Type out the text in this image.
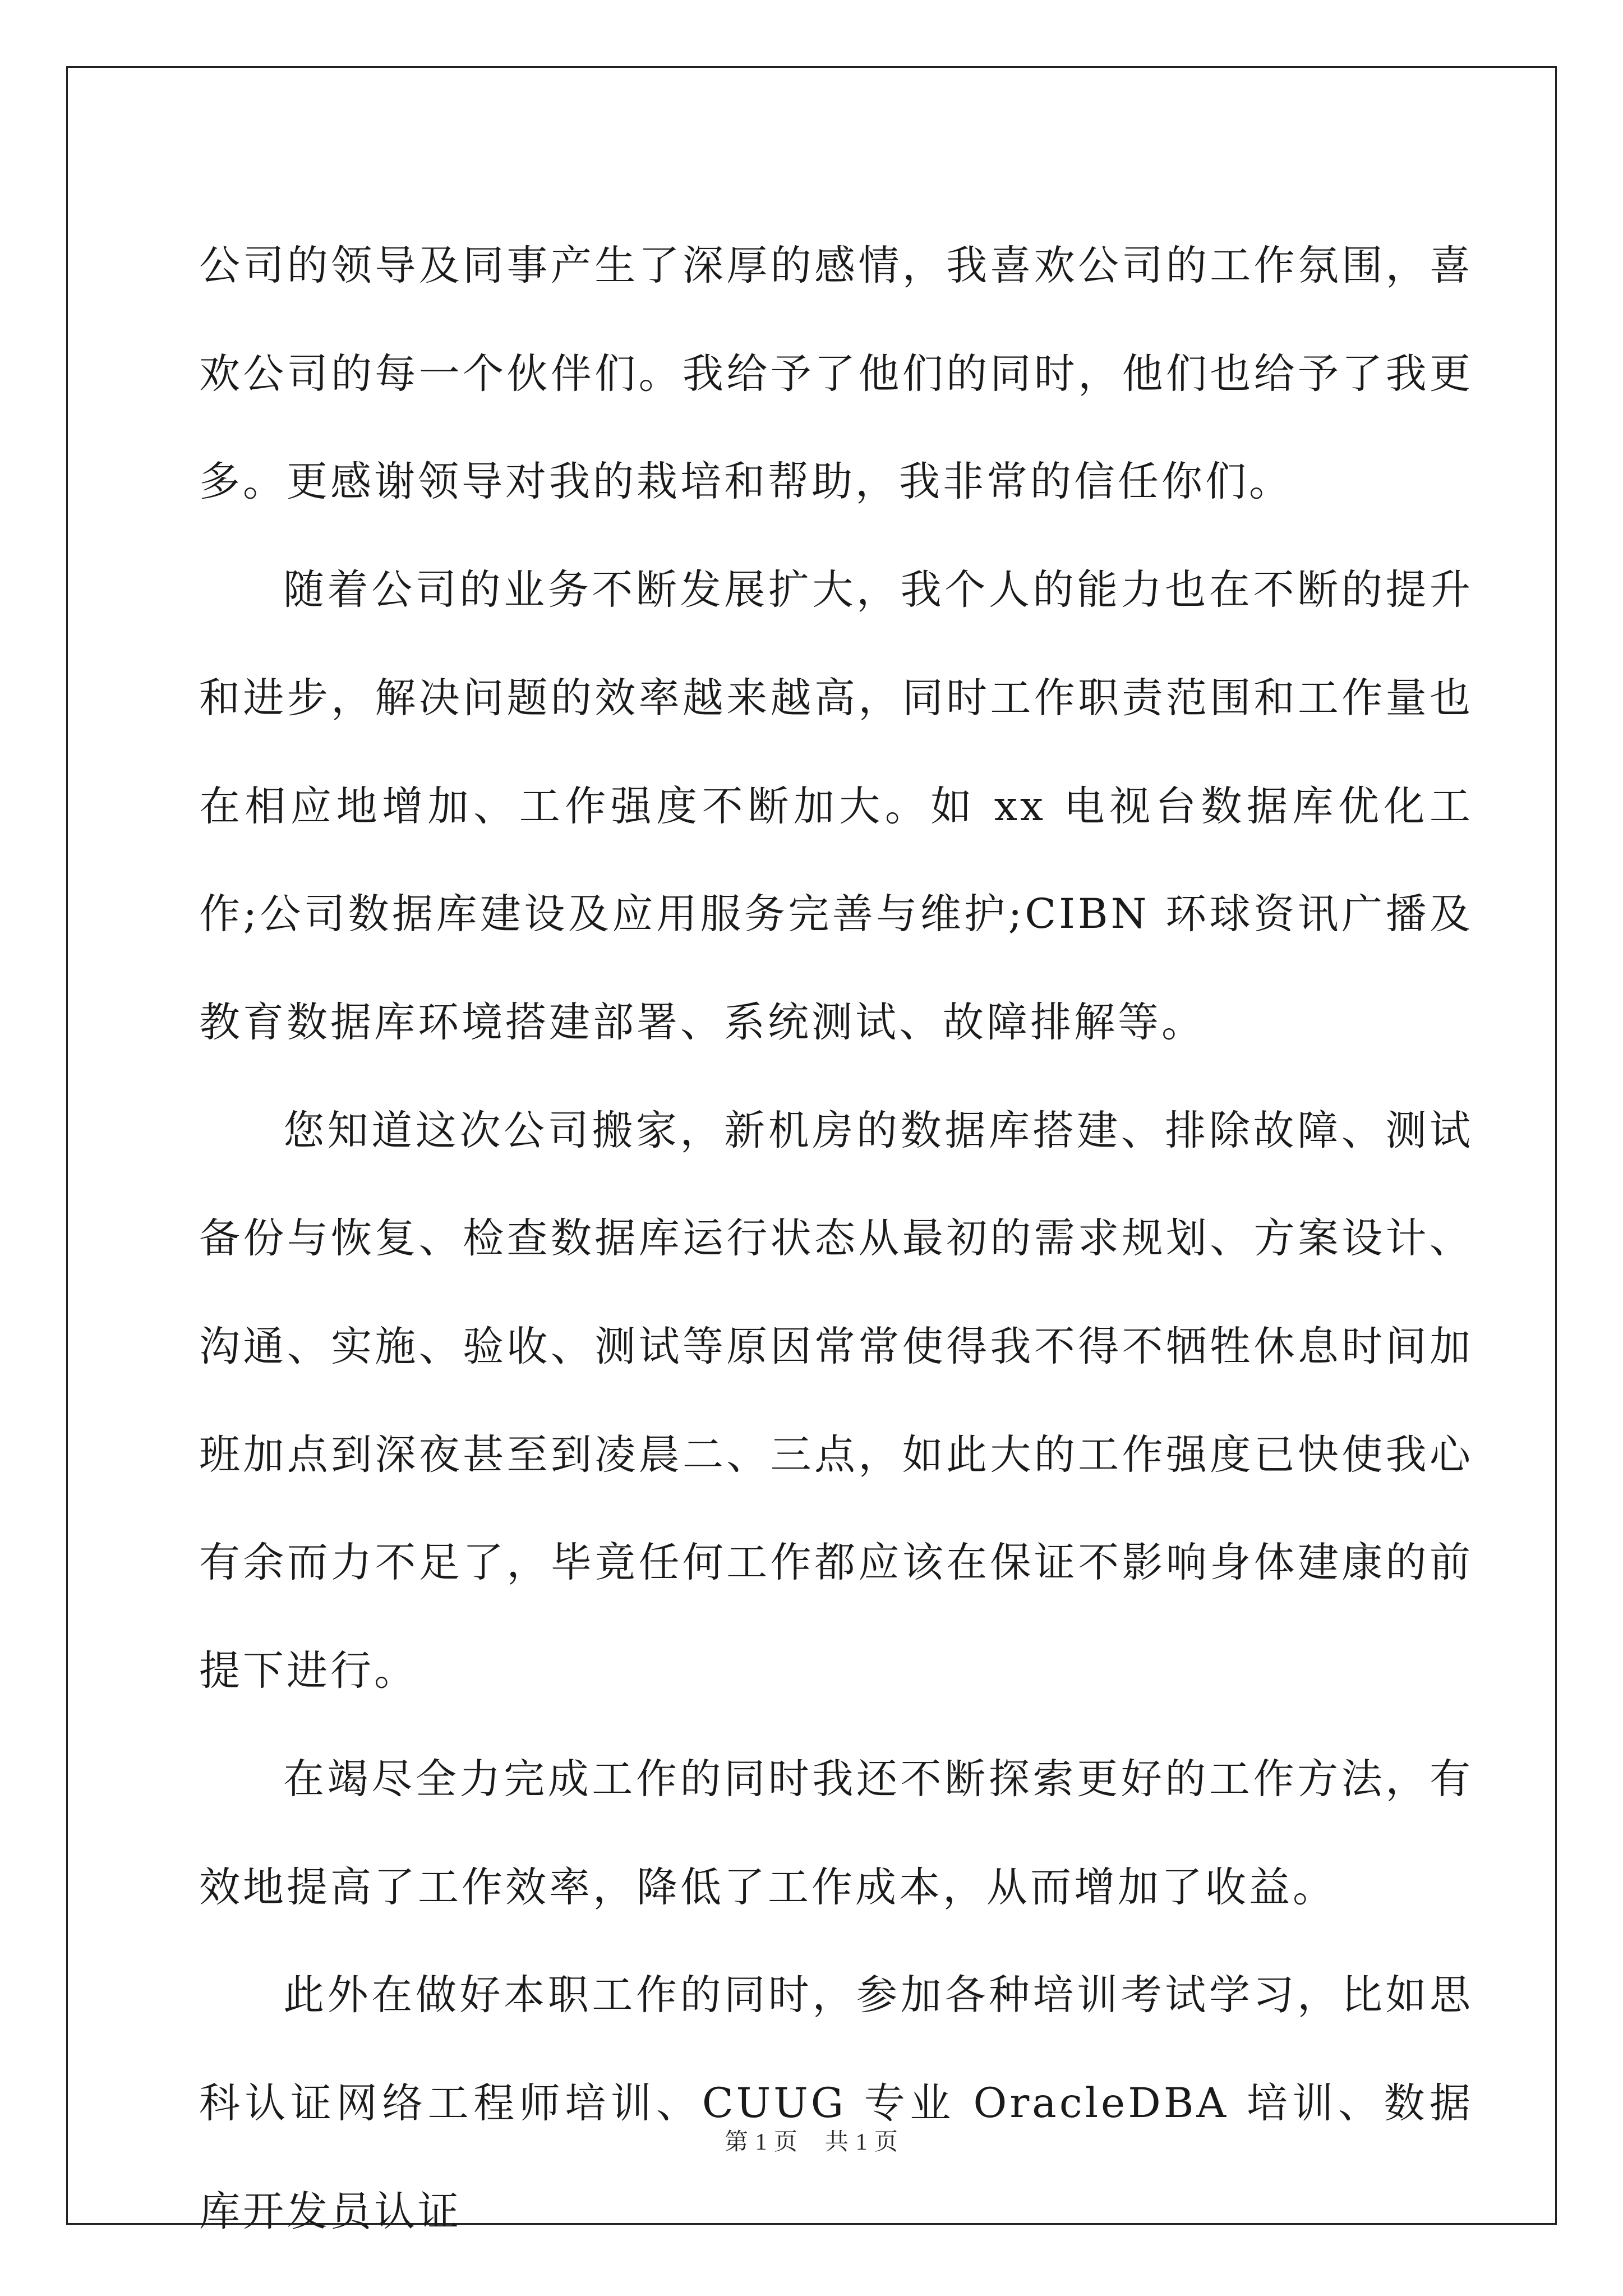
公司的领导及同事产生了深厚的感情，我喜欢公司的工作氛围，喜欢公司的每一个伙伴们。我给予了他们的同时，他们也给予了我更多。更感谢领导对我的栽培和帮助，我非常的信任你们。

随着公司的业务不断发展扩大，我个人的能力也在不断的提升和进步，解决问题的效率越来越高，同时工作职责范围和工作量也在相应地增加、工作强度不断加大。如 xx 电视台数据库优化工作;公司数据库建设及应用服务完善与维护;CIBN 环球资讯广播及教育数据库环境搭建部署、系统测试、故障排解等。

您知道这次公司搬家，新机房的数据库搭建、排除故障、测试备份与恢复、检查数据库运行状态从最初的需求规划、方案设计、沟通、实施、验收、测试等原因常常使得我不得不牺牲休息时间加班加点到深夜甚至到凌晨二、三点，如此大的工作强度已快使我心有余而力不足了，毕竟任何工作都应该在保证不影响身体建康的前提下进行。

在竭尽全力完成工作的同时我还不断探索更好的工作方法，有效地提高了工作效率，降低了工作成本，从而增加了收益。

此外在做好本职工作的同时，参加各种培训考试学习，比如思科认证网络工程师培训、CUUG 专业 OracleDBA 培训、数据库开发员认证

第 1 页 共 1 页
